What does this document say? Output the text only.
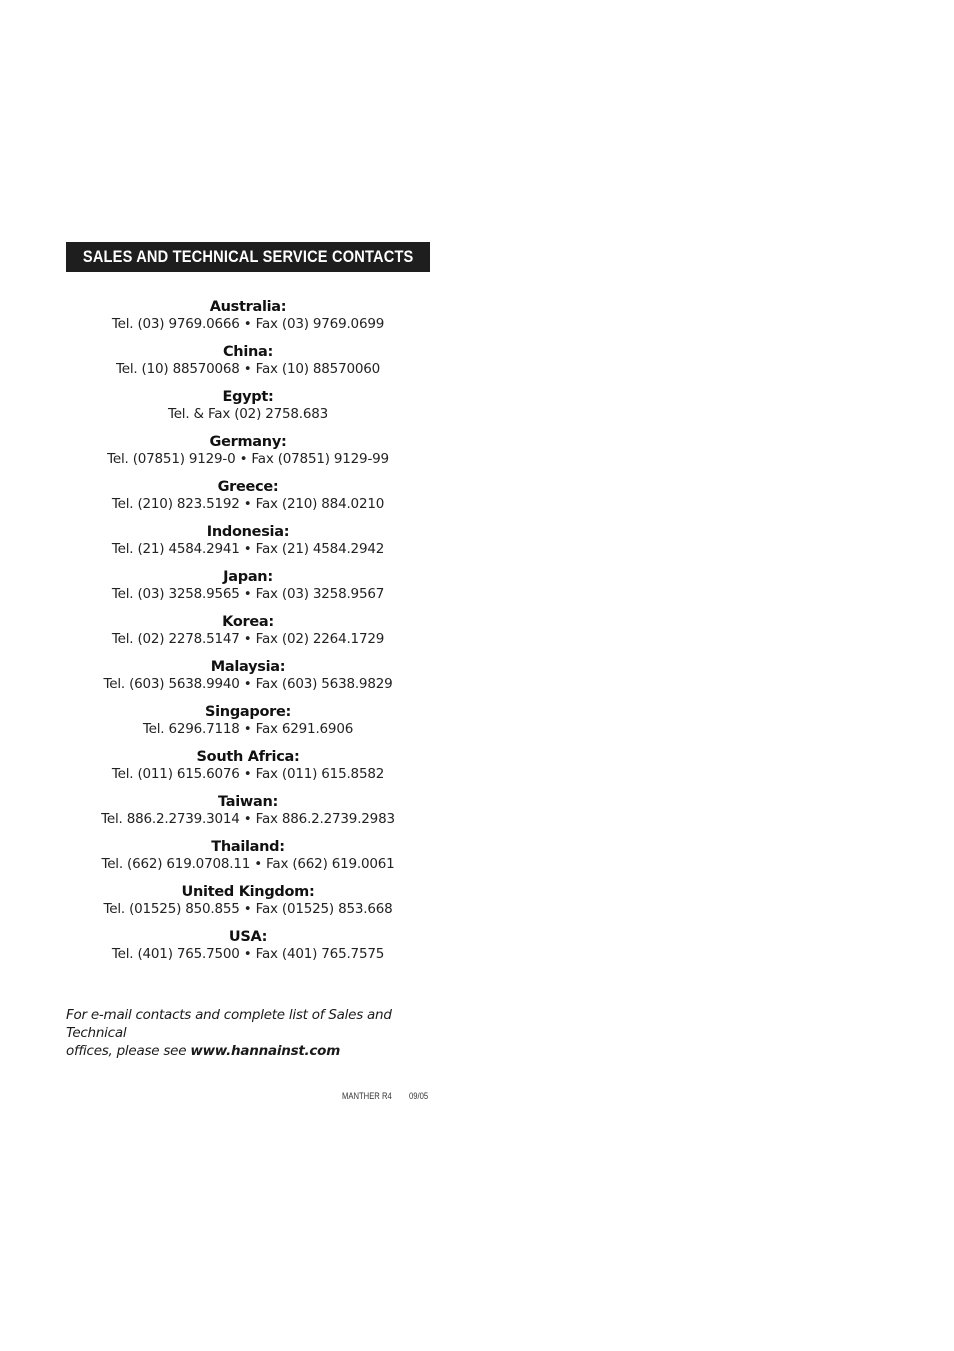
SALES AND TECHNICAL SERVICE CONTACTS
Australia:
Tel. (03) 9769.0666 • Fax (03) 9769.0699
China:
Tel. (10) 88570068 • Fax (10) 88570060
Egypt:
Tel. & Fax (02) 2758.683
Germany:
Tel. (07851) 9129-0 • Fax (07851) 9129-99
Greece:
Tel. (210) 823.5192 • Fax (210) 884.0210
Indonesia:
Tel. (21) 4584.2941 • Fax (21) 4584.2942
Japan:
Tel. (03) 3258.9565 • Fax (03) 3258.9567
Korea:
Tel. (02) 2278.5147 • Fax (02) 2264.1729
Malaysia:
Tel. (603) 5638.9940 • Fax (603) 5638.9829
Singapore:
Tel. 6296.7118 • Fax 6291.6906
South Africa:
Tel. (011) 615.6076 • Fax (011) 615.8582
Taiwan:
Tel. 886.2.2739.3014 • Fax 886.2.2739.2983
Thailand:
Tel. (662) 619.0708.11 • Fax (662) 619.0061
United Kingdom:
Tel. (01525) 850.855 • Fax (01525) 853.668
USA:
Tel. (401) 765.7500 • Fax (401) 765.7575
For e-mail contacts and complete list of Sales and Technical
offices, please see www.hannainst.com
MANTHER R4 09/05
